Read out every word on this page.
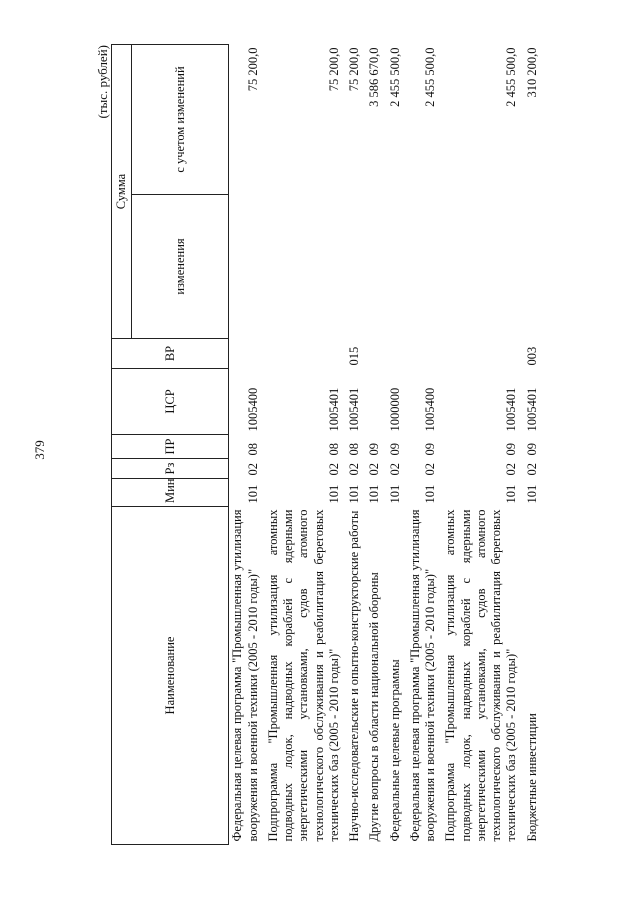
379
(тыс. рублей)
Наименование	Мин	Рз	ПР	ЦСР	ВР	Сумма	
						изменения	с учетом изменений
Федеральная целевая программа "Промышленная утилизация вооружения и военной техники (2005 - 2010 годы)"	101	02	08	1005400			75 200,0
Подпрограмма "Промышленная утилизация атомных подводных лодок, надводных кораблей с ядерными энергетическими установками, судов атомного технологического обслуживания и реабилитация береговых технических баз (2005 - 2010 годы)"	101	02	08	1005401			75 200,0
Научно-исследовательские и опытно-конструкторские работы	101	02	08	1005401	015		75 200,0
Другие вопросы в области национальной обороны	101	02	09				3 586 670,0
Федеральные целевые программы	101	02	09	1000000			2 455 500,0
Федеральная целевая программа "Промышленная утилизация вооружения и военной техники (2005 - 2010 годы)"	101	02	09	1005400			2 455 500,0
Подпрограмма "Промышленная утилизация атомных подводных лодок, надводных кораблей с ядерными энергетическими установками, судов атомного технологического обслуживания и реабилитация береговых технических баз (2005 - 2010 годы)"	101	02	09	1005401			2 455 500,0
Бюджетные инвестиции	101	02	09	1005401	003		310 200,0
